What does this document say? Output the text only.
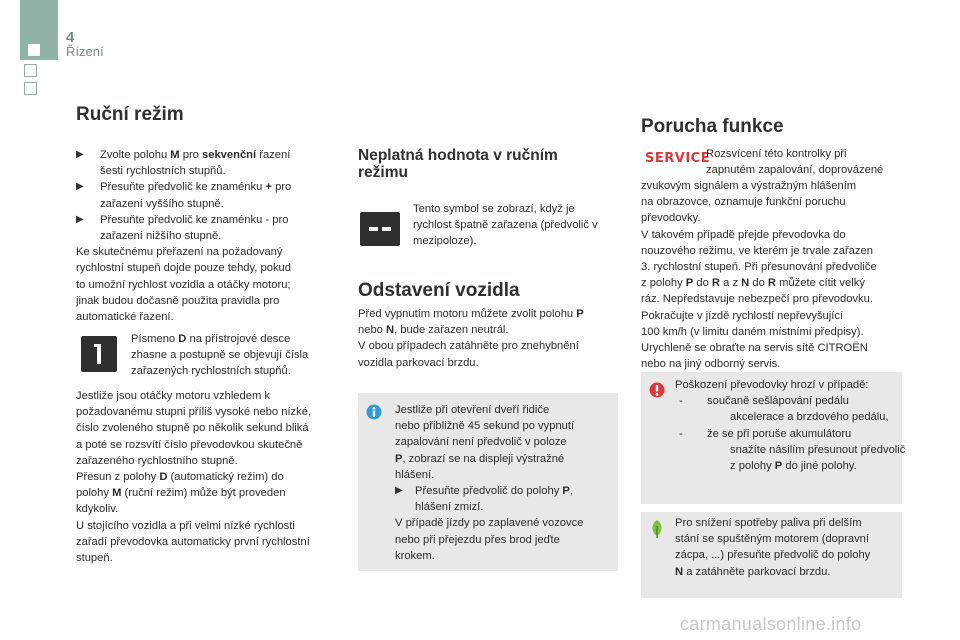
4
Řízení
Ruční režim
▶	Zvolte polohu M pro sekvenční řazení
šesti rychlostních stupňů.
▶	Přesuňte předvolič ke znaménku + pro
zařazení vyššího stupně.
▶	Přesuňte předvolič ke znaménku - pro
zařazení nižšího stupně.
Ke skutečnému přeřazení na požadovaný
rychlostní stupeň dojde pouze tehdy, pokud
to umožní rychlost vozidla a otáčky motoru;
jinak budou dočasně použita pravidla pro
automatické řazení.
Písmeno D na přístrojové desce
zhasne a postupně se objevují čísla
zařazených rychlostních stupňů.
Jestliže jsou otáčky motoru vzhledem k
požadovanému stupni příliš vysoké nebo nízké,
číslo zvoleného stupně po několik sekund bliká
a poté se rozsvítí číslo převodovkou skutečně
zařazeného rychlostního stupně.
Přesun z polohy D (automatický režim) do
polohy M (ruční režim) může být proveden
kdykoliv.
U stojícího vozidla a při velmi nízké rychlosti
zařadí převodovka automaticky první rychlostní
stupeň.
Neplatná hodnota v ručním
režimu
Tento symbol se zobrazí, když je
rychlost špatně zařazena (předvolič v
mezipoloze).
Odstavení vozidla
Před vypnutím motoru můžete zvolit polohu P
nebo N, bude zařazen neutrál.
V obou případech zatáhněte pro znehybnění
vozidla parkovací brzdu.
Jestliže při otevření dveří řidiče
nebo přibližně 45 sekund po vypnutí
zapalování není předvolič v poloze
P, zobrazí se na displeji výstražné
hlášení.
▶	Přesuňte předvolič do polohy P,
hlášení zmizí.
V případě jízdy po zaplavené vozovce
nebo při přejezdu přes brod jeďte
krokem.
Porucha funkce
SERVICE
Rozsvícení této kontrolky při
zapnutém zapalování, doprovázené
zvukovým signálem a výstražným hlášením
na obrazovce, oznamuje funkční poruchu
převodovky.
V takovém případě přejde převodovka do
nouzového režimu, ve kterém je trvale zařazen
3. rychlostní stupeň. Při přesunování předvoliče
z polohy P do R a z N do R můžete cítit velký
ráz. Nepředstavuje nebezpečí pro převodovku.
Pokračujte v jízdě rychlostí nepřevyšující
100 km/h (v limitu daném místními předpisy).
Urychleně se obraťte na servis sítě CITROËN
nebo na jiný odborný servis.
Poškození převodovky hrozí v případě:
-	součaně sešlápování pedálu
akcelerace a brzdového pedálu,
-	že se při poruše akumulátoru
snažíte násilím přesunout předvolič
z polohy P do jiné polohy.
Pro snížení spotřeby paliva při delším
stání se spuštěným motorem (dopravní
zácpa, ...) přesuňte předvolič do polohy
N a zatáhněte parkovací brzdu.
carmanualsonline.info
